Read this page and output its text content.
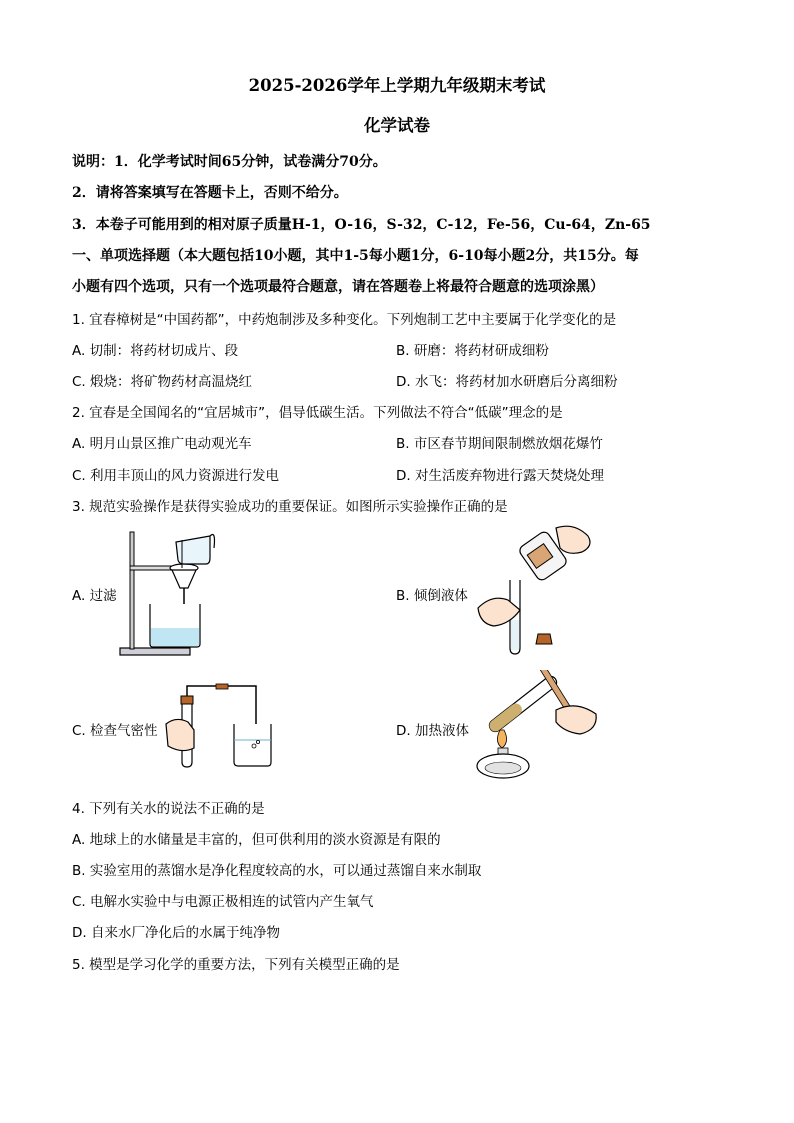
2025-2026学年上学期九年级期末考试
化学试卷
说明：1．化学考试时间65分钟，试卷满分70分。
2．请将答案填写在答题卡上，否则不给分。
3．本卷子可能用到的相对原子质量H-1，O-16，S-32，C-12，Fe-56，Cu-64，Zn-65
一、单项选择题（本大题包括10小题，其中1-5每小题1分，6-10每小题2分，共15分。每
小题有四个选项，只有一个选项最符合题意，请在答题卷上将最符合题意的选项涂黑）
1. 宜春樟树是“中国药都”，中药炮制涉及多种变化。下列炮制工艺中主要属于化学变化的是
A. 切制：将药材切成片、段	B. 研磨：将药材研成细粉
C. 煅烧：将矿物药材高温烧红	D. 水飞：将药材加水研磨后分离细粉
2. 宜春是全国闻名的“宜居城市”，倡导低碳生活。下列做法不符合“低碳”理念的是
A. 明月山景区推广电动观光车	B. 市区春节期间限制燃放烟花爆竹
C. 利用丰顶山的风力资源进行发电	D. 对生活废弃物进行露天焚烧处理
3. 规范实验操作是获得实验成功的重要保证。如图所示实验操作正确的是
A. 过滤	B. 倾倒液体
C. 检查气密性	D. 加热液体
4. 下列有关水的说法不正确的是
A. 地球上的水储量是丰富的，但可供利用的淡水资源是有限的
B. 实验室用的蒸馏水是净化程度较高的水，可以通过蒸馏自来水制取
C. 电解水实验中与电源正极相连的试管内产生氧气
D. 自来水厂净化后的水属于纯净物
5. 模型是学习化学的重要方法，下列有关模型正确的是
